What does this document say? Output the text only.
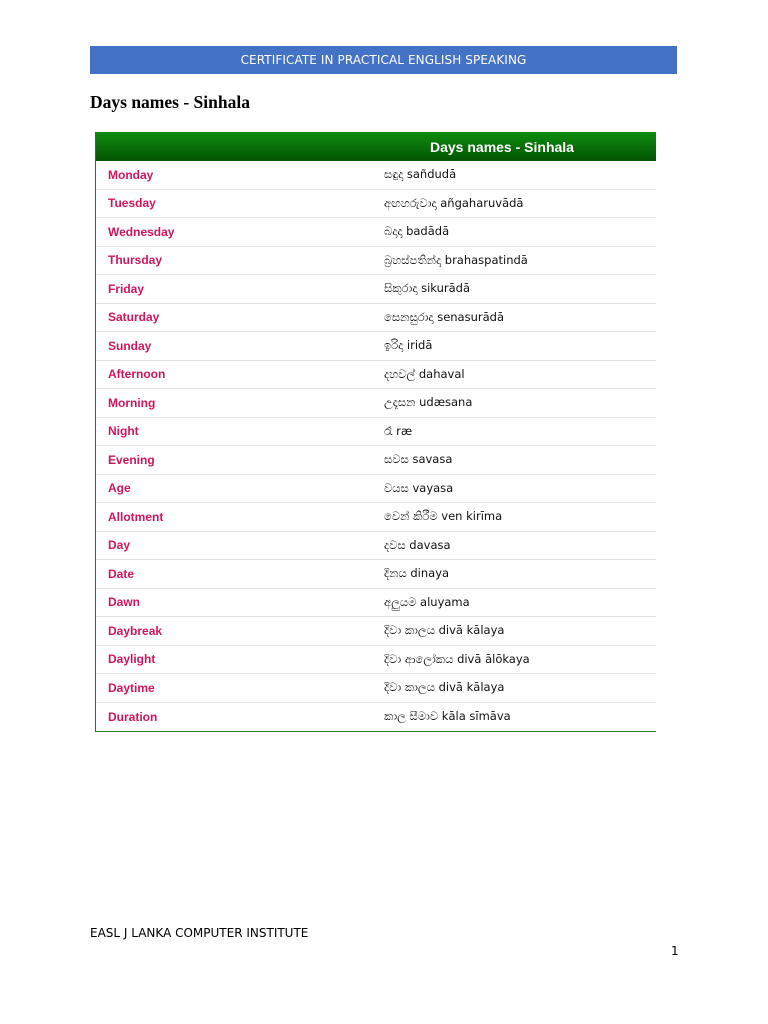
CERTIFICATE IN PRACTICAL ENGLISH SPEAKING
Days names - Sinhala
Days names - Sinhala
Monday	සඳුදා sañdudā
Tuesday	අඟහරුවාදා añgaharuvādā
Wednesday	බදාදා badādā
Thursday	බ්‍රහස්පතින්දා brahaspatindā
Friday	සිකුරාදා sikurādā
Saturday	සෙනසුරාදා senasurādā
Sunday	ඉරිදා iridā
Afternoon	දහවල් dahaval
Morning	උදෑසන udæsana
Night	රෑ ræ
Evening	සවස savasa
Age	වයස vayasa
Allotment	වෙන් කිරීම ven kirīma
Day	දවස davasa
Date	දිනය dinaya
Dawn	අලුයම aluyama
Daybreak	දිවා කාලය divā kālaya
Daylight	දිවා ආලෝකය divā ālōkaya
Daytime	දිවා කාලය divā kālaya
Duration	කාල සීමාව kāla sīmāva
EASL J LANKA COMPUTER INSTITUTE
1
